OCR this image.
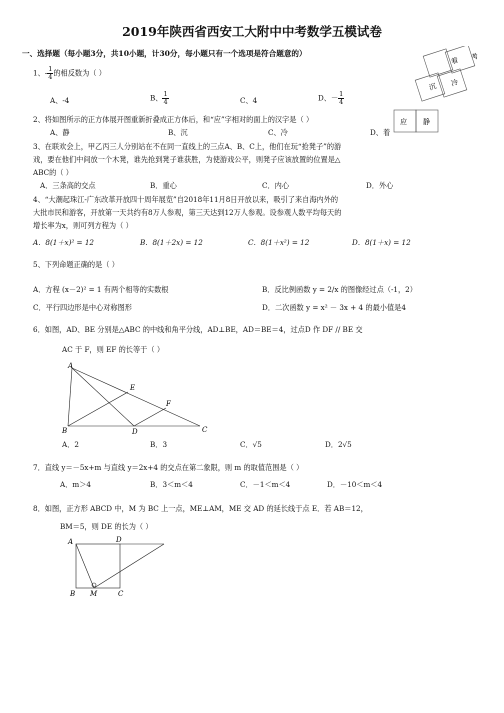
2019年陕西省西安工大附中中考数学五模试卷
着 考
沉 冷
应 静
一、选择题（每小题3分，共10小题，计30分，每小题只有一个选项是符合题意的）
1、- $\frac{1}{4}$ 的相反数为（ ）
A、-4	B、 $\frac{1}{4}$	C、4	D、－ $\frac{1}{4}$
2、将如图所示的正方体展开图重新折叠成正方体后，和“应”字相对的面上的汉字是（ ）
A、静	B、沉	C、冷	D、着
3、在联欢会上，甲乙丙三人分别站在不在同一直线上的三点A、B、C上，他们在玩“抢凳子”的游
戏，要在他们中间放一个木凳，谁先抢到凳子谁获胜，为使游戏公平，则凳子应该放置的位置是△
ABC的（ ）
A．三条高的交点	B．重心	C．内心	D．外心
4、“大潮起珠江-广东改革开放四十周年展览”自2018年11月8日开放以来，吸引了来自海内外的
大批市民和游客，开放第一天共约有8万人参观，第三天达到12万人参观。设参观人数平均每天的
增长率为x，则可列方程为（ ）
A．8(1＋x)² = 12	B．8(1＋2x) = 12	C．8(1＋x²) = 12	D．8(1＋x) = 12
5、下列命题正确的是（ ）
A．方程 (x－2)² = 1 有两个相等的实数根	B．反比例函数 y = 2/x 的图像经过点（-1，2）
C．平行四边形是中心对称图形	D．二次函数 y = x² － 3x + 4 的最小值是4
6．如图，AD、BE 分别是△ABC 的中线和角平分线，AD⊥BE，AD＝BE＝4，过点D 作 DF // BE 交
AC 于 F，则 EF 的长等于（ ）
A
B	C
D
E
F
A．2	B．3	C．√5	D．2√5
7．直线 y＝－5x+m 与直线 y＝2x+4 的交点在第二象限，则 m 的取值范围是（ ）
A．m＞4	B．3＜m＜4	C．－1＜m＜4	D．－10＜m＜4
8．如图，正方形 ABCD 中，M 为 BC 上一点，ME⊥AM，ME 交 AD 的延长线于点 E．若 AB＝12，
BM＝5，则 DE 的长为（ ）
A	D
B M	C
